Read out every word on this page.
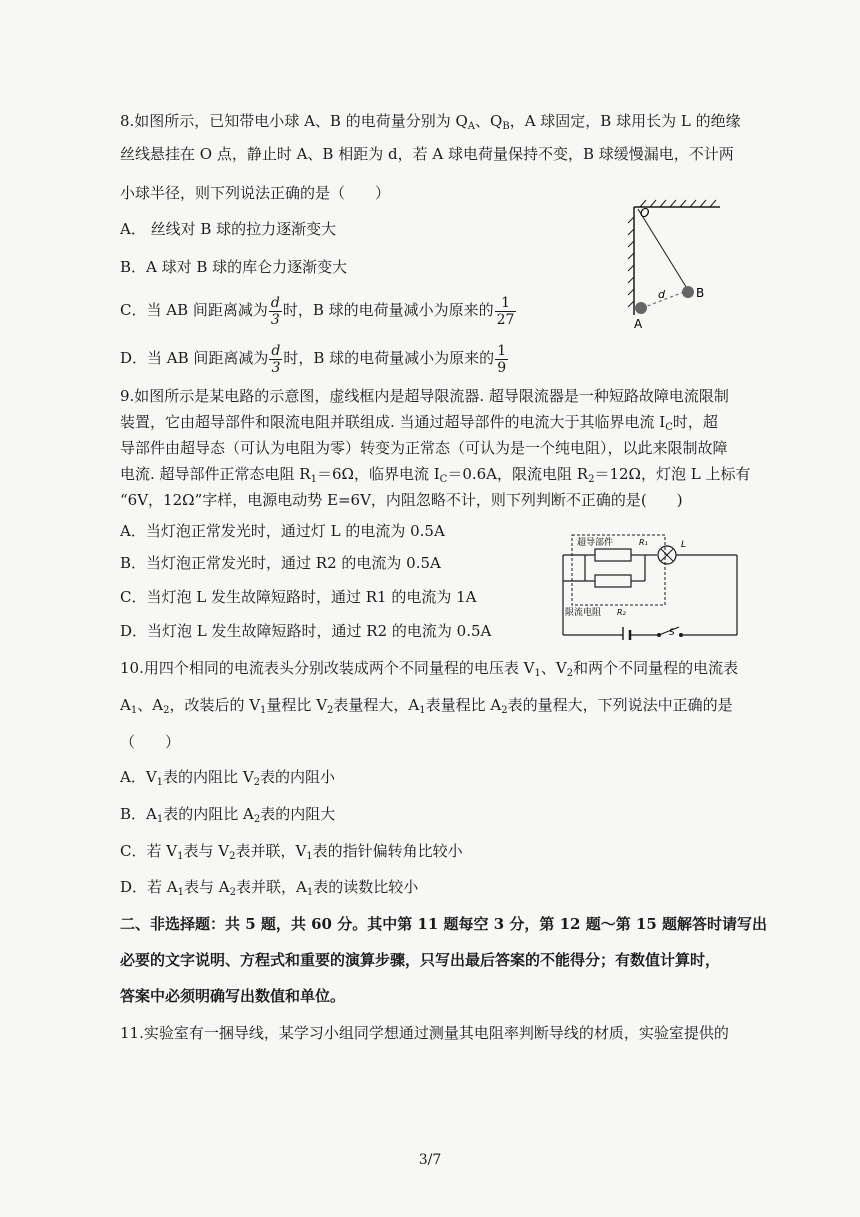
8.如图所示，已知带电小球 A、B 的电荷量分别为 $Q_A$、$Q_B$，A 球固定，B 球用长为 L 的绝缘
丝线悬挂在 O 点，静止时 A、B 相距为 d，若 A 球电荷量保持不变，B 球缓慢漏电，不计两
小球半径，则下列说法正确的是（　　）
A． 丝线对 B 球的拉力逐渐变大
B．A 球对 B 球的库仑力逐渐变大
C．当 AB 间距离减为 $\frac{d}{3}$ 时，B 球的电荷量减小为原来的 $\frac{1}{27}$
D．当 AB 间距离减为 $\frac{d}{3}$ 时，B 球的电荷量减小为原来的 $\frac{1}{9}$
O
A
B
d
9.如图所示是某电路的示意图，虚线框内是超导限流器. 超导限流器是一种短路故障电流限制
装置，它由超导部件和限流电阻并联组成. 当通过超导部件的电流大于其临界电流 $I_C$时，超
导部件由超导态（可认为电阻为零）转变为正常态（可认为是一个纯电阻），以此来限制故障
电流. 超导部件正常态电阻 $R_1=6\Omega$，临界电流 $I_C=0.6A$，限流电阻 $R_2=12\Omega$，灯泡 L 上标有
“6V，12Ω”字样，电源电动势 E=6V，内阻忽略不计，则下列判断不正确的是(　　)
A．当灯泡正常发光时，通过灯 L 的电流为 0.5A
B．当灯泡正常发光时，通过 R2 的电流为 0.5A
C．当灯泡 L 发生故障短路时，通过 R1 的电流为 1A
D．当灯泡 L 发生故障短路时，通过 R2 的电流为 0.5A
超导部件	R₁	L
限流电阻 R₂
S
10.用四个相同的电流表头分别改装成两个不同量程的电压表 $V_1$、$V_2$和两个不同量程的电流表
$A_1$、$A_2$，改装后的 $V_1$量程比 $V_2$表量程大，$A_1$表量程比 $A_2$表的量程大，下列说法中正确的是
（　　）
A．$V_1$表的内阻比 $V_2$表的内阻小
B．$A_1$表的内阻比 $A_2$表的内阻大
C．若 $V_1$表与 $V_2$表并联，$V_1$表的指针偏转角比较小
D．若 $A_1$表与 $A_2$表并联，$A_1$表的读数比较小
二、非选择题：共 5 题，共 60 分。其中第 11 题每空 3 分，第 12 题～第 15 题解答时请写出
必要的文字说明、方程式和重要的演算步骤，只写出最后答案的不能得分；有数值计算时，
答案中必须明确写出数值和单位。
11.实验室有一捆导线，某学习小组同学想通过测量其电阻率判断导线的材质，实验室提供的
3/7
